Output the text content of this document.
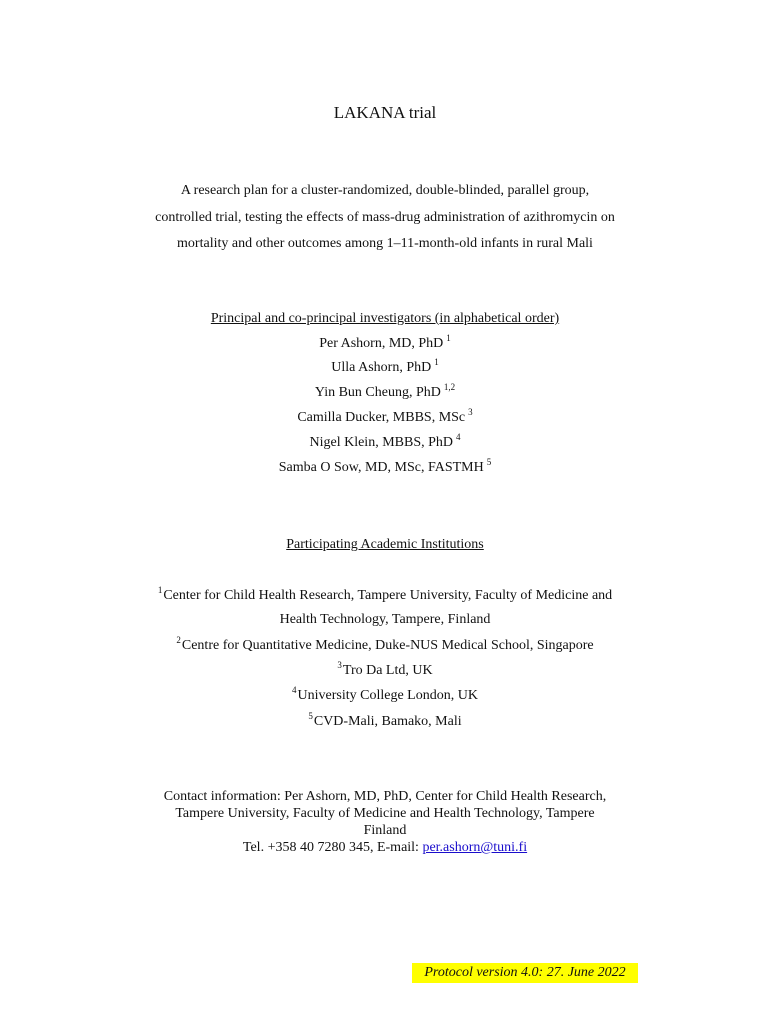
LAKANA trial
A research plan for a cluster-randomized, double-blinded, parallel group,
controlled trial, testing the effects of mass-drug administration of azithromycin on
mortality and other outcomes among 1–11-month-old infants in rural Mali
Principal and co-principal investigators (in alphabetical order)
Per Ashorn, MD, PhD $^1$
Ulla Ashorn, PhD $^1$
Yin Bun Cheung, PhD $^{1,2}$
Camilla Ducker, MBBS, MSc $^3$
Nigel Klein, MBBS, PhD $^4$
Samba O Sow, MD, MSc, FASTMH $^5$
Participating Academic Institutions
$^1$Center for Child Health Research, Tampere University, Faculty of Medicine and
Health Technology, Tampere, Finland
$^2$Centre for Quantitative Medicine, Duke-NUS Medical School, Singapore
$^3$Tro Da Ltd, UK
$^4$University College London, UK
$^5$CVD-Mali, Bamako, Mali
Contact information: Per Ashorn, MD, PhD, Center for Child Health Research,
Tampere University, Faculty of Medicine and Health Technology, Tampere
Finland
Tel. +358 40 7280 345, E-mail: per.ashorn@tuni.fi
Protocol version 4.0: 27. June 2022
